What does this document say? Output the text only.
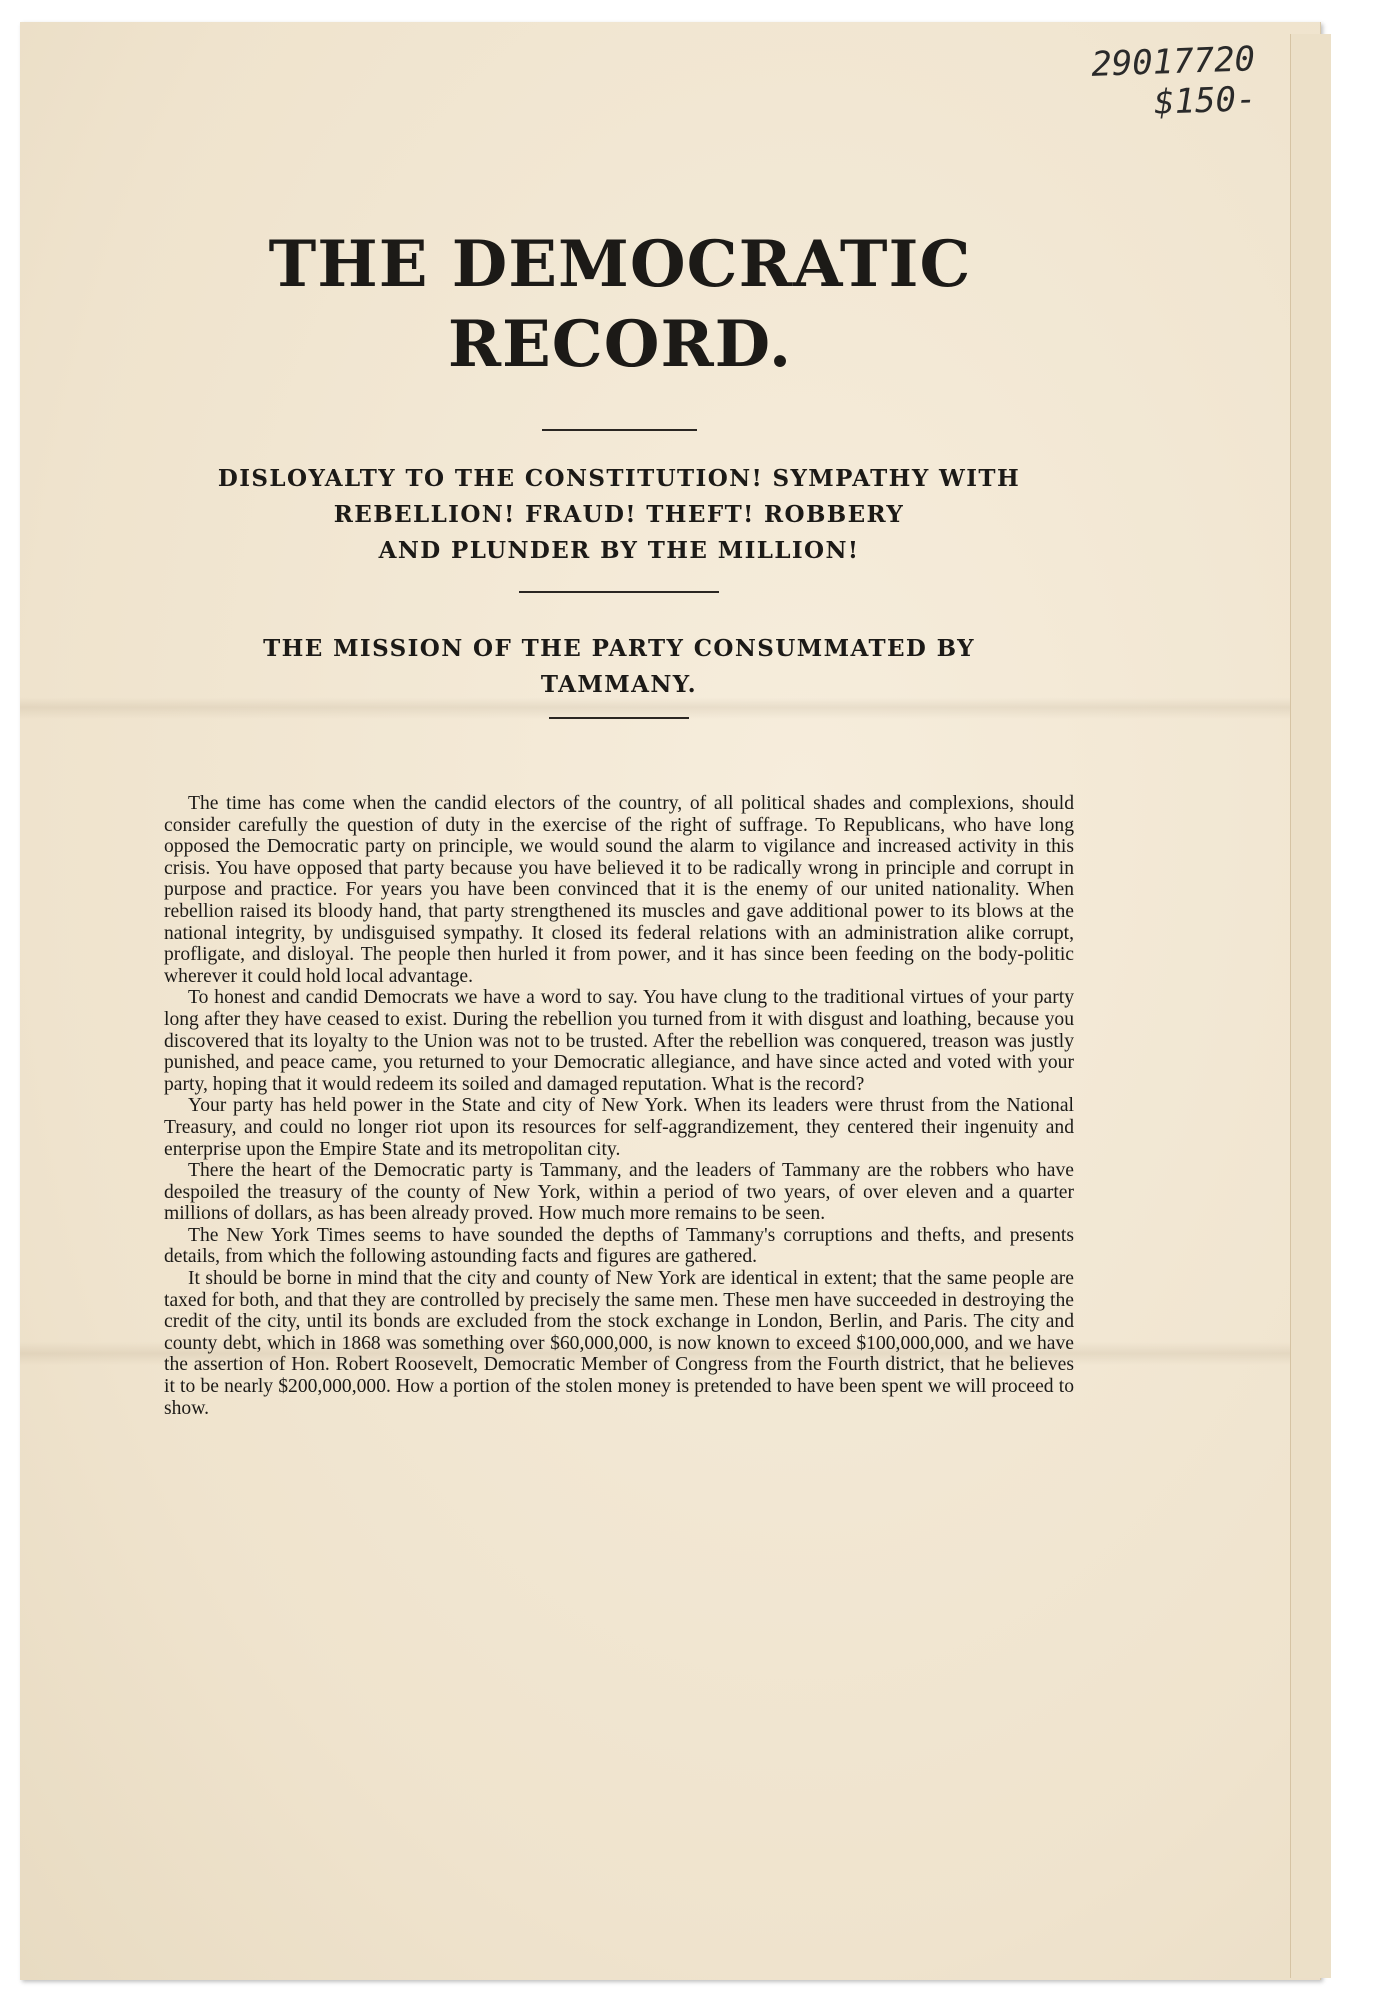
29017720
$150-
THE DEMOCRATIC RECORD.
DISLOYALTY TO THE CONSTITUTION! SYMPATHY WITH
REBELLION! FRAUD! THEFT! ROBBERY
AND PLUNDER BY THE MILLION!
THE MISSION OF THE PARTY CONSUMMATED BY
TAMMANY.

The time has come when the candid electors of the country, of all political shades and complexions, should consider carefully the question of duty in the exercise of the right of suffrage. To Republicans, who have long opposed the Democratic party on principle, we would sound the alarm to vigilance and increased activity in this crisis. You have opposed that party because you have believed it to be radically wrong in principle and corrupt in purpose and practice. For years you have been convinced that it is the enemy of our united nationality. When rebellion raised its bloody hand, that party strengthened its muscles and gave additional power to its blows at the national integrity, by undisguised sympathy. It closed its federal relations with an administration alike corrupt, profligate, and disloyal. The people then hurled it from power, and it has since been feeding on the body-politic wherever it could hold local advantage.

To honest and candid Democrats we have a word to say. You have clung to the traditional virtues of your party long after they have ceased to exist. During the rebellion you turned from it with disgust and loathing, because you discovered that its loyalty to the Union was not to be trusted. After the rebellion was conquered, treason was justly punished, and peace came, you returned to your Democratic allegiance, and have since acted and voted with your party, hoping that it would redeem its soiled and damaged reputation. What is the record?

Your party has held power in the State and city of New York. When its leaders were thrust from the National Treasury, and could no longer riot upon its resources for self-aggrandizement, they centered their ingenuity and enterprise upon the Empire State and its metropolitan city.

There the heart of the Democratic party is Tammany, and the leaders of Tammany are the robbers who have despoiled the treasury of the county of New York, within a period of two years, of over eleven and a quarter millions of dollars, as has been already proved. How much more remains to be seen.

The New York Times seems to have sounded the depths of Tammany's corruptions and thefts, and presents details, from which the following astounding facts and figures are gathered.

It should be borne in mind that the city and county of New York are identical in extent; that the same people are taxed for both, and that they are controlled by precisely the same men. These men have succeeded in destroying the credit of the city, until its bonds are excluded from the stock exchange in London, Berlin, and Paris. The city and county debt, which in 1868 was something over $60,000,000, is now known to exceed $100,000,000, and we have the assertion of Hon. Robert Roosevelt, Democratic Member of Congress from the Fourth district, that he believes it to be nearly $200,000,000. How a portion of the stolen money is pretended to have been spent we will proceed to show.
